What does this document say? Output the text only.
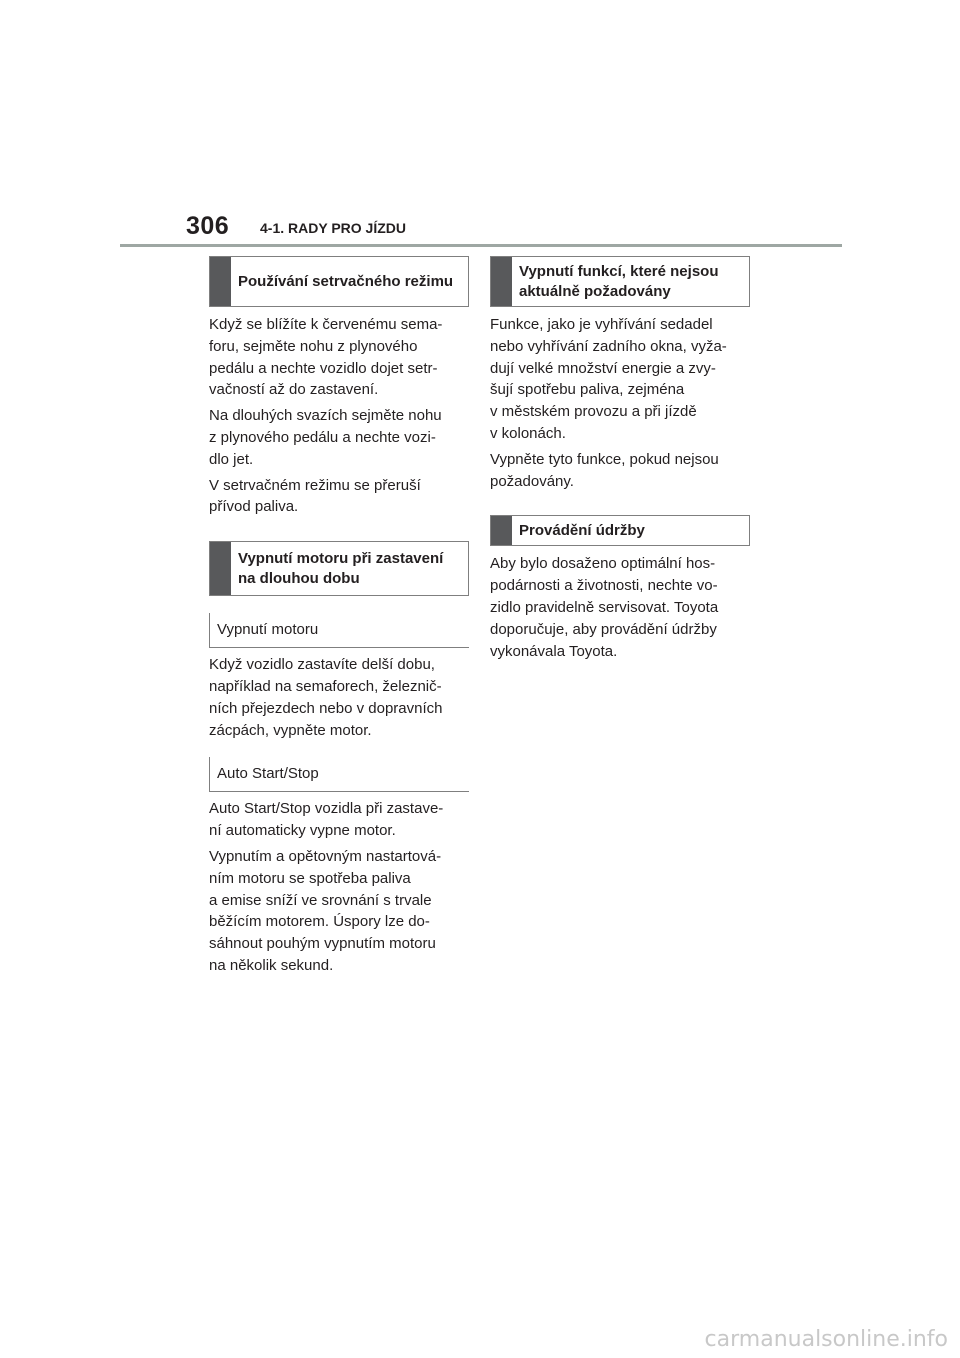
306 4-1. RADY PRO JÍZDU
Používání setrvačného režimu

Když se blížíte k červenému sema-
foru, sejměte nohu z plynového
pedálu a nechte vozidlo dojet setr-
vačností až do zastavení.

Na dlouhých svazích sejměte nohu
z plynového pedálu a nechte vozi-
dlo jet.

V setrvačném režimu se přeruší
přívod paliva.

Vypnutí motoru při zastavení na dlouhou dobu
Vypnutí motoru

Když vozidlo zastavíte delší dobu,
například na semaforech, železnič-
ních přejezdech nebo v dopravních
zácpách, vypněte motor.

Auto Start/Stop

Auto Start/Stop vozidla při zastave-
ní automaticky vypne motor.

Vypnutím a opětovným nastartová-
ním motoru se spotřeba paliva
a emise sníží ve srovnání s trvale
běžícím motorem. Úspory lze do-
sáhnout pouhým vypnutím motoru
na několik sekund.

Vypnutí funkcí, které nejsou aktuálně požadovány

Funkce, jako je vyhřívání sedadel
nebo vyhřívání zadního okna, vyža-
dují velké množství energie a zvy-
šují spotřebu paliva, zejména
v městském provozu a při jízdě
v kolonách.

Vypněte tyto funkce, pokud nejsou
požadovány.

Provádění údržby

Aby bylo dosaženo optimální hos-
podárnosti a životnosti, nechte vo-
zidlo pravidelně servisovat. Toyota
doporučuje, aby provádění údržby
vykonávala Toyota.

carmanualsonline.info
